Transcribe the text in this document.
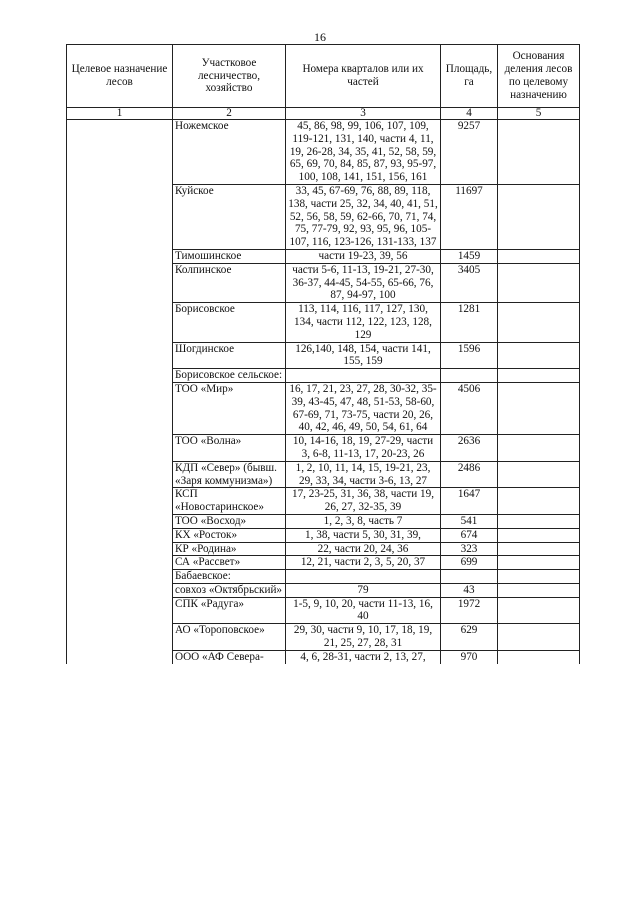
16
Целевое назначение лесов	Участковое лесничество, хозяйство	Номера кварталов или их частей	Площадь, га	Основания деления лесов по целевому назначению
1	2	3	4	5
	Ножемское	45, 86, 98, 99, 106, 107, 109, 119-121, 131, 140, части 4, 11, 19, 26-28, 34, 35, 41, 52, 58, 59, 65, 69, 70, 84, 85, 87, 93, 95-97, 100, 108, 141, 151, 156, 161	9257	
	Куйское	33, 45, 67-69, 76, 88, 89, 118, 138, части 25, 32, 34, 40, 41, 51, 52, 56, 58, 59, 62-66, 70, 71, 74, 75, 77-79, 92, 93, 95, 96, 105-107, 116, 123-126, 131-133, 137	11697	
	Тимошинское	части 19-23, 39, 56	1459	
	Колпинское	части 5-6, 11-13, 19-21, 27-30, 36-37, 44-45, 54-55, 65-66, 76, 87, 94-97, 100	3405	
	Борисовское	113, 114, 116, 117, 127, 130, 134, части 112, 122, 123, 128, 129	1281	
	Шогдинское	126,140, 148, 154, части 141, 155, 159	1596	
	Борисовское сельское:			
	ТОО «Мир»	16, 17, 21, 23, 27, 28, 30-32, 35-39, 43-45, 47, 48, 51-53, 58-60, 67-69, 71, 73-75, части 20, 26, 40, 42, 46, 49, 50, 54, 61, 64	4506	
	ТОО «Волна»	10, 14-16, 18, 19, 27-29, части 3, 6-8, 11-13, 17, 20-23, 26	2636	
	КДП «Север» (бывш. «Заря коммунизма»)	1, 2, 10, 11, 14, 15, 19-21, 23, 29, 33, 34, части 3-6, 13, 27	2486	
	КСП «Новостаринское»	17, 23-25, 31, 36, 38, части 19, 26, 27, 32-35, 39	1647	
	ТОО «Восход»	1, 2, 3, 8, часть 7	541	
	КХ «Росток»	1, 38, части 5, 30, 31, 39,	674	
	КР «Родина»	22, части 20, 24, 36	323	
	СА «Рассвет»	12, 21, части 2, 3, 5, 20, 37	699	
	Бабаевское:			
	совхоз «Октябрьский»	79	43	
	СПК «Радуга»	1-5, 9, 10, 20, части 11-13, 16, 40	1972	
	АО «Тороповское»	29, 30, части 9, 10, 17, 18, 19, 21, 25, 27, 28, 31	629	
	ООО «АФ Севера-	4, 6, 28-31, части 2, 13, 27,	970	
